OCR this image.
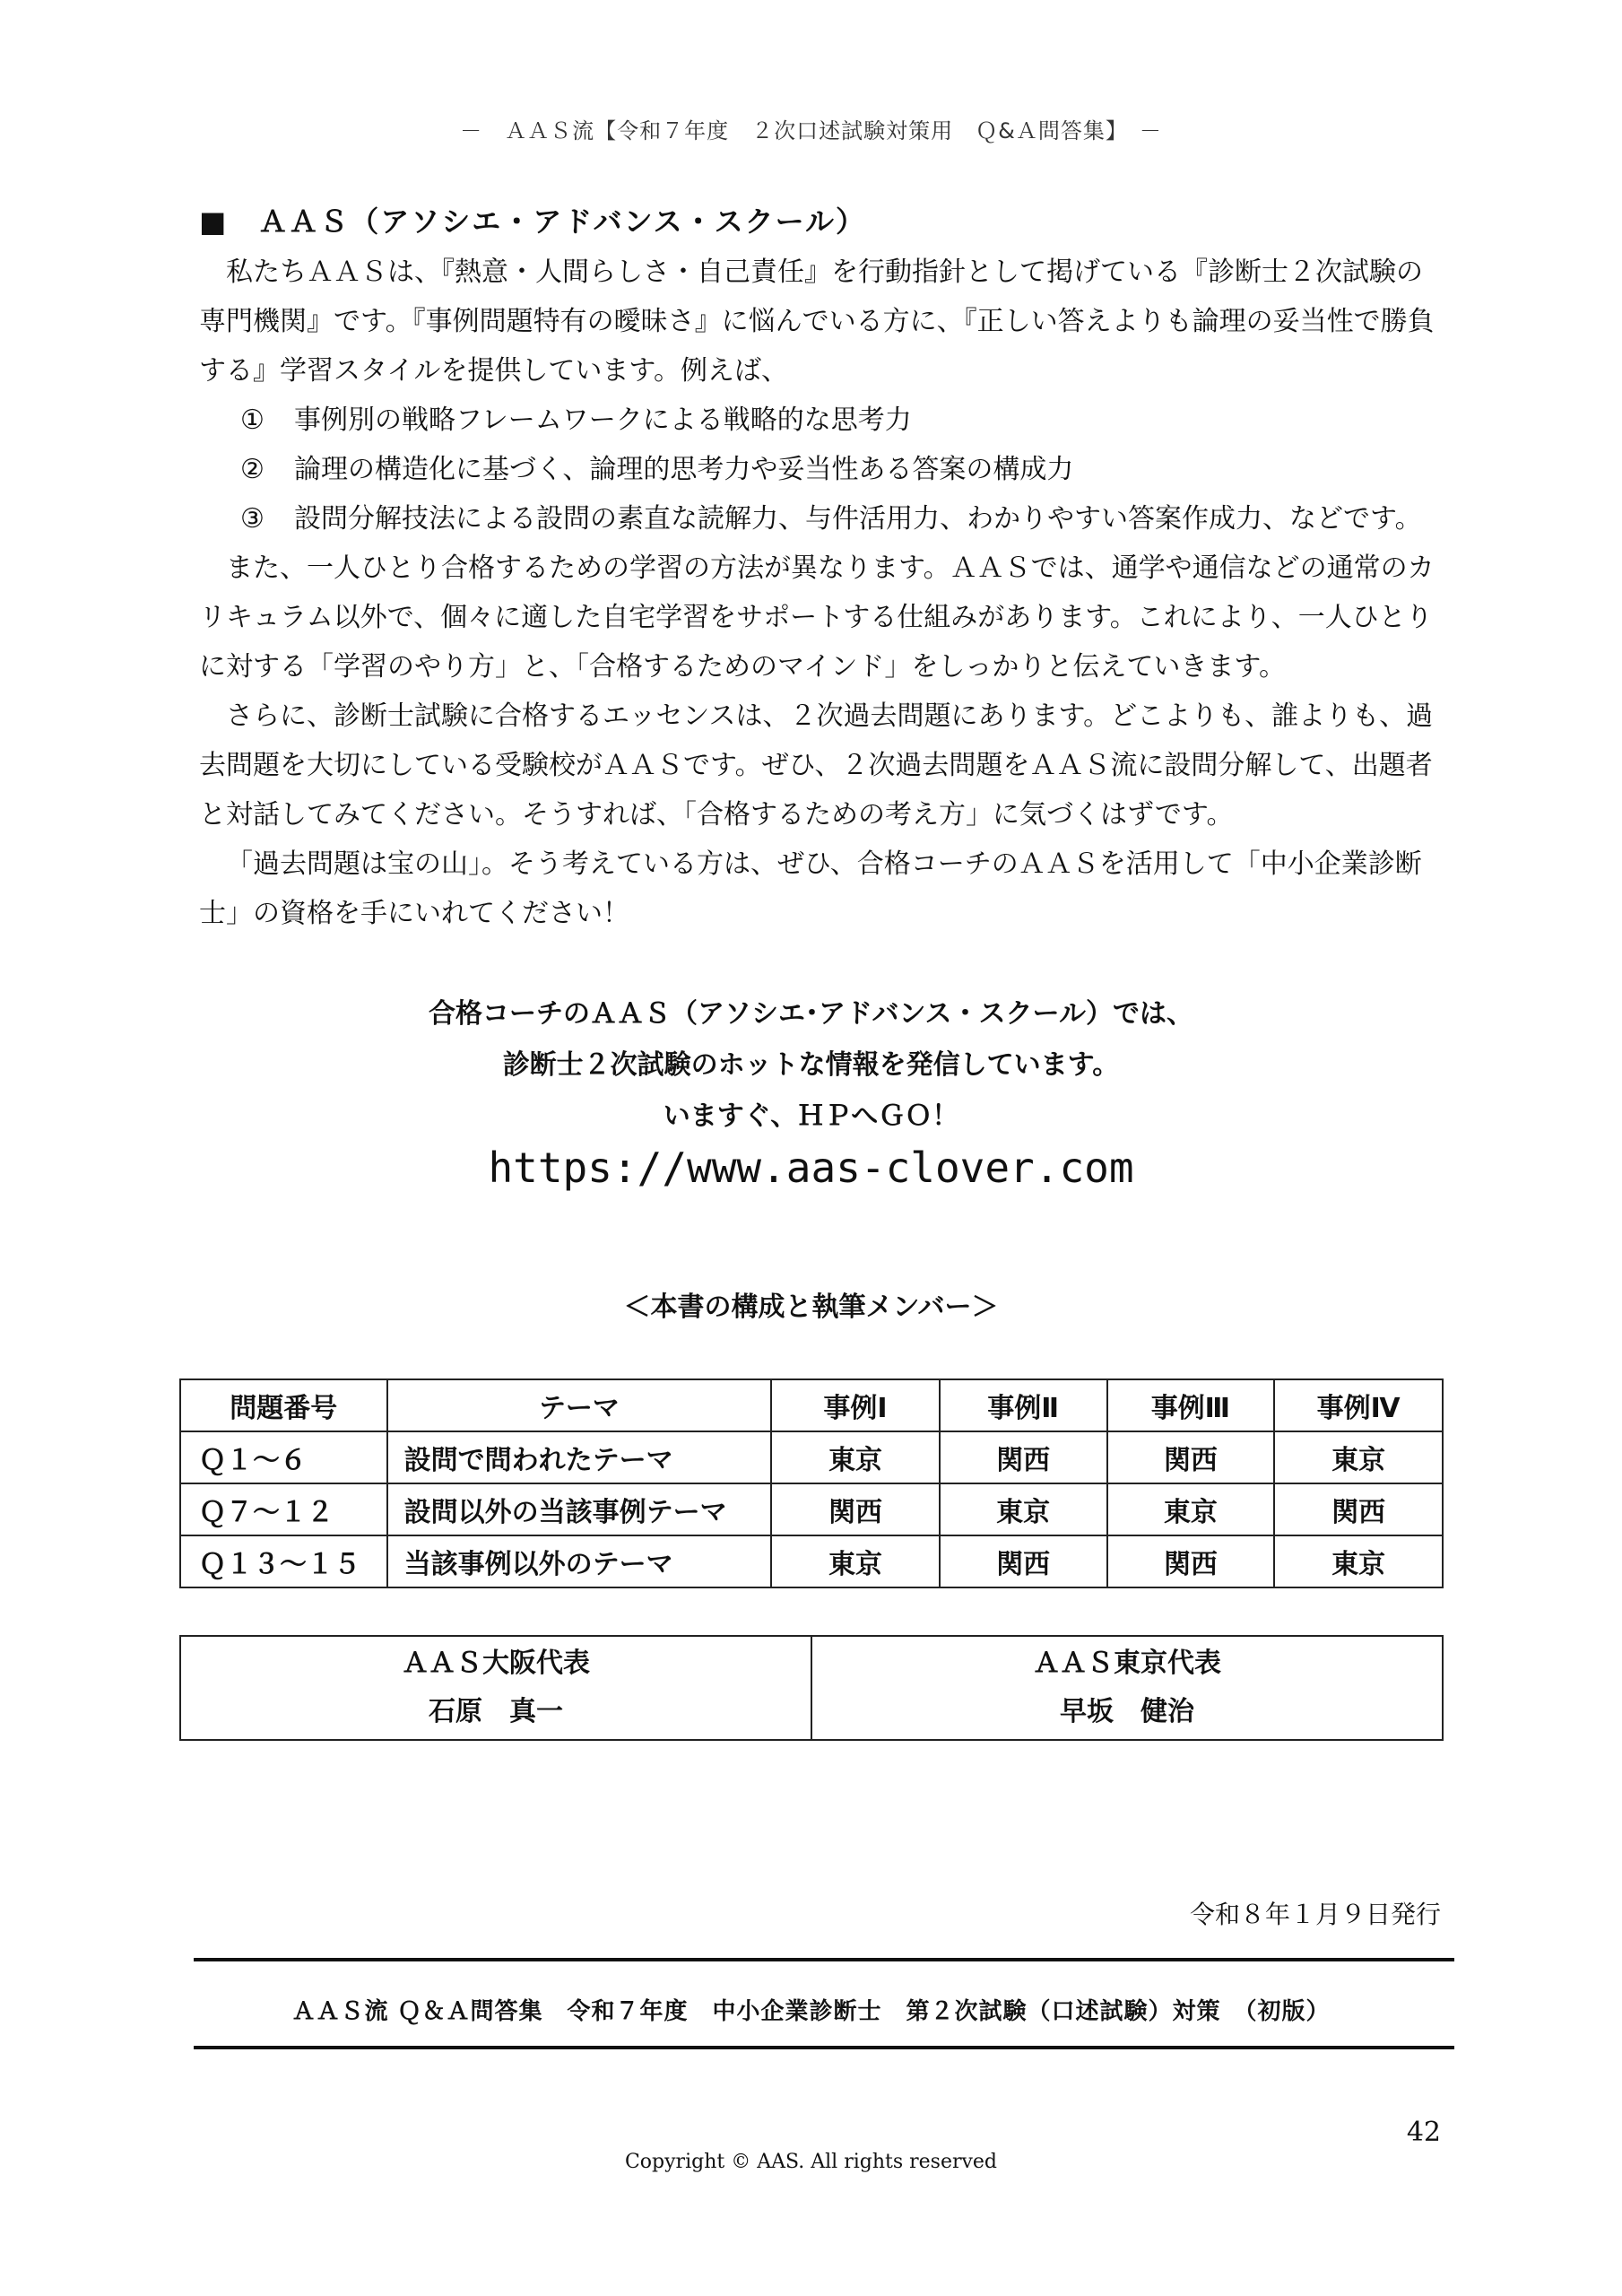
－　ＡＡＳ流【令和７年度　２次口述試験対策用　Ｑ&Ａ問答集】　－
■　ＡＡＳ（アソシエ・アドバンス・スクール）

私たちＡＡＳは、『熱意・人間らしさ・自己責任』を行動指針として掲げている『診断士２次試験の専門機関』です。『事例問題特有の曖昧さ』に悩んでいる方に、『正しい答えよりも論理の妥当性で勝負する』学習スタイルを提供しています。例えば、

① 事例別の戦略フレームワークによる戦略的な思考力
② 論理の構造化に基づく、論理的思考力や妥当性ある答案の構成力
③ 設問分解技法による設問の素直な読解力、与件活用力、わかりやすい答案作成力、などです。

また、一人ひとり合格するための学習の方法が異なります。ＡＡＳでは、通学や通信などの通常のカリキュラム以外で、個々に適した自宅学習をサポートする仕組みがあります。これにより、一人ひとりに対する「学習のやり方」と、「合格するためのマインド」をしっかりと伝えていきます。

さらに、診断士試験に合格するエッセンスは、２次過去問題にあります。どこよりも、誰よりも、過去問題を大切にしている受験校がＡＡＳです。ぜひ、２次過去問題をＡＡＳ流に設問分解して、出題者と対話してみてください。そうすれば、「合格するための考え方」に気づくはずです。

「過去問題は宝の山」。そう考えている方は、ぜひ、合格コーチのＡＡＳを活用して「中小企業診断士」の資格を手にいれてください！

合格コーチのＡＡＳ（アソシエ･アドバンス・スクール）では、
診断士２次試験のホットな情報を発信しています。
いますぐ、ＨＰへＧＯ！
https://www.aas-clover.com
＜本書の構成と執筆メンバー＞
問題番号	テーマ	事例Ⅰ	事例Ⅱ	事例Ⅲ	事例Ⅳ
Ｑ１～６	設問で問われたテーマ	東京	関西	関西	東京
Ｑ７～１２	設問以外の当該事例テーマ	関西	東京	東京	関西
Ｑ１３～１５	当該事例以外のテーマ	東京	関西	関西	東京
ＡＡＳ大阪代表
石原　真一

ＡＡＳ東京代表
早坂　健治
令和８年１月９日発行
ＡＡＳ流 Ｑ＆Ａ問答集　令和７年度　中小企業診断士　第２次試験（口述試験）対策　（初版）
42
Copyright © AAS. All rights reserved
